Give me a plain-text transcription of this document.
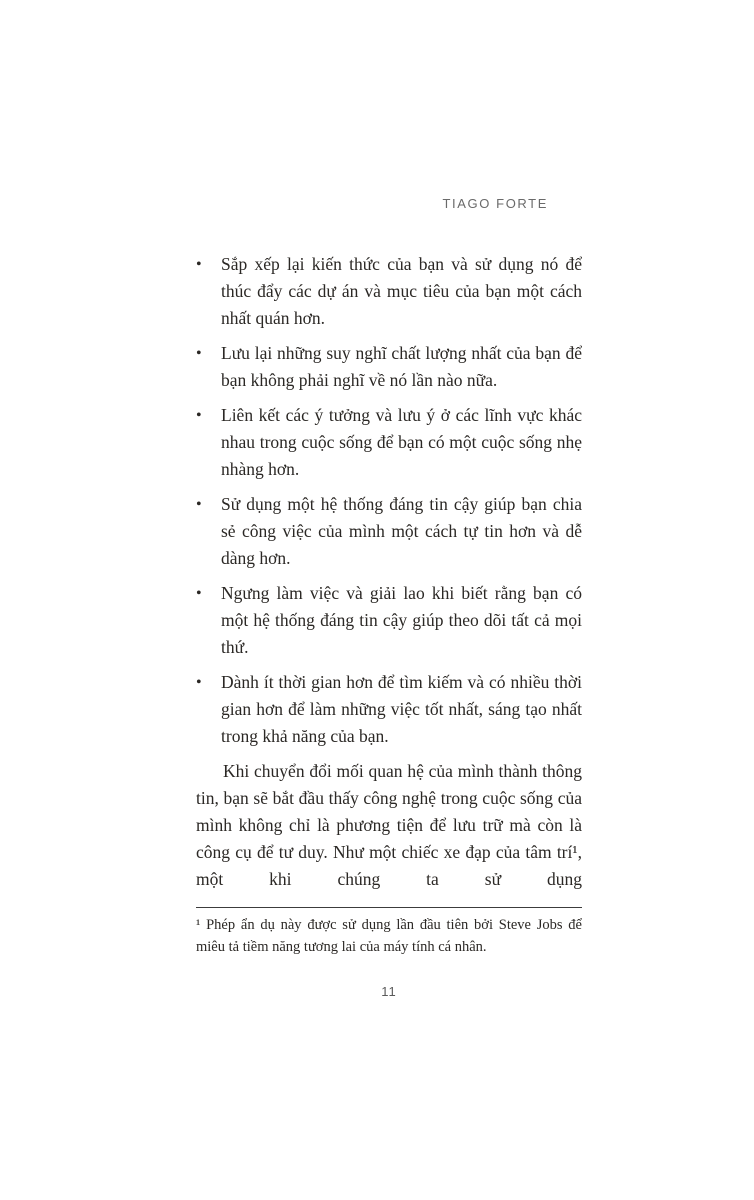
TIAGO FORTE
•	Sắp xếp lại kiến thức của bạn và sử dụng nó để thúc đẩy các dự án và mục tiêu của bạn một cách nhất quán hơn.
•	Lưu lại những suy nghĩ chất lượng nhất của bạn để bạn không phải nghĩ về nó lần nào nữa.
•	Liên kết các ý tưởng và lưu ý ở các lĩnh vực khác nhau trong cuộc sống để bạn có một cuộc sống nhẹ nhàng hơn.
•	Sử dụng một hệ thống đáng tin cậy giúp bạn chia sẻ công việc của mình một cách tự tin hơn và dễ dàng hơn.
•	Ngưng làm việc và giải lao khi biết rằng bạn có một hệ thống đáng tin cậy giúp theo dõi tất cả mọi thứ.
•	Dành ít thời gian hơn để tìm kiếm và có nhiều thời gian hơn để làm những việc tốt nhất, sáng tạo nhất trong khả năng của bạn.

Khi chuyển đổi mối quan hệ của mình thành thông tin, bạn sẽ bắt đầu thấy công nghệ trong cuộc sống của mình không chỉ là phương tiện để lưu trữ mà còn là công cụ để tư duy. Như một chiếc xe đạp của tâm trí¹, một khi chúng ta sử dụng

¹ Phép ẩn dụ này được sử dụng lần đầu tiên bởi Steve Jobs để miêu tả tiềm năng tương lai của máy tính cá nhân.

11
